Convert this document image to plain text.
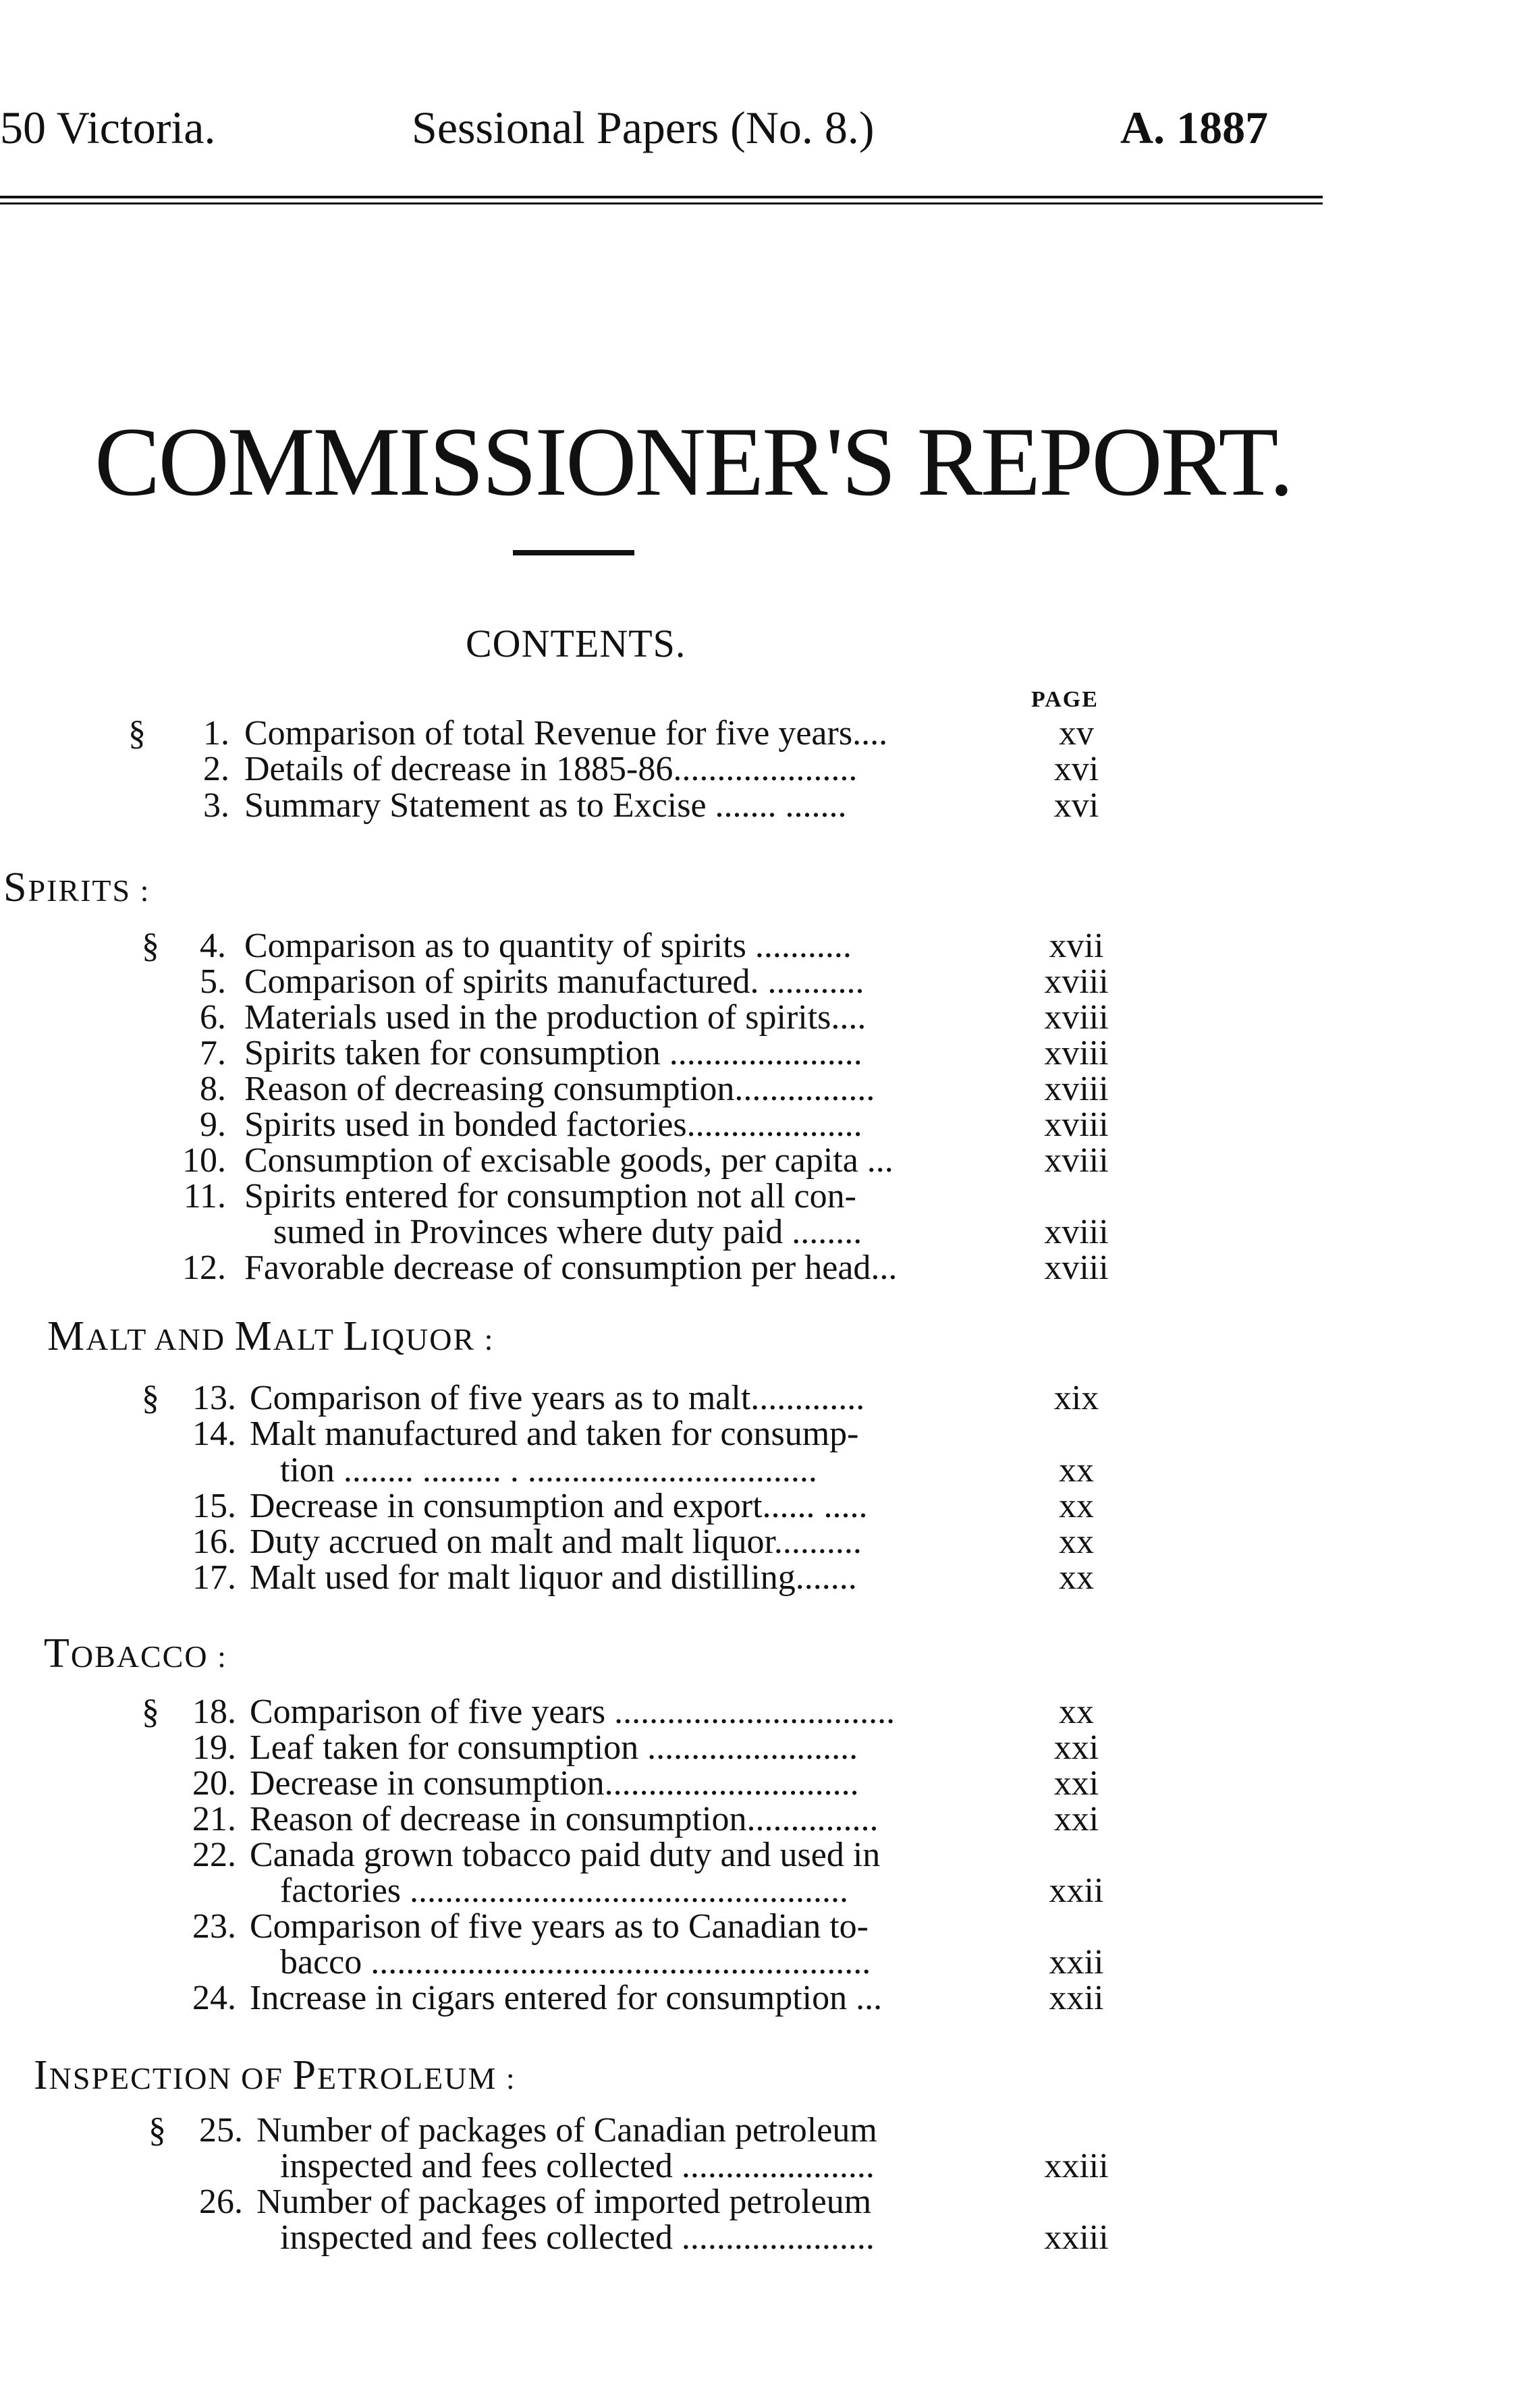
50 Victoria.	Sessional Papers (No. 8.)	A. 1887
COMMISSIONER'S REPORT.
CONTENTS.
PAGE
§	1. Comparison of total Revenue for five years....	xv
2. Details of decrease in 1885-86.....................	xvi
3. Summary Statement as to Excise ....... .......	xvi
SPIRITS :
§	4. Comparison as to quantity of spirits ...........	xvii
5. Comparison of spirits manufactured. ...........	xviii
6. Materials used in the production of spirits....	xviii
7. Spirits taken for consumption ......................	xviii
8. Reason of decreasing consumption................	xviii
9. Spirits used in bonded factories....................	xviii
10. Consumption of excisable goods, per capita ...	xviii
11. Spirits entered for consumption not all con-
sumed in Provinces where duty paid ........	xviii
12. Favorable decrease of consumption per head...	xviii
MALT AND MALT LIQUOR :
§ 13. Comparison of five years as to malt.............	xix
14. Malt manufactured and taken for consump-
tion ........ ......... . .................................	xx
15. Decrease in consumption and export...... .....	xx
16. Duty accrued on malt and malt liquor..........	xx
17. Malt used for malt liquor and distilling.......	xx
TOBACCO :
§ 18. Comparison of five years ................................	xx
19. Leaf taken for consumption ........................	xxi
20. Decrease in consumption.............................	xxi
21. Reason of decrease in consumption...............	xxi
22. Canada grown tobacco paid duty and used in
factories ..................................................	xxii
23. Comparison of five years as to Canadian to-
bacco .........................................................	xxii
24. Increase in cigars entered for consumption ...	xxii
INSPECTION OF PETROLEUM :
§ 25. Number of packages of Canadian petroleum
inspected and fees collected ......................	xxiii
26. Number of packages of imported petroleum
inspected and fees collected ......................	xxiii
